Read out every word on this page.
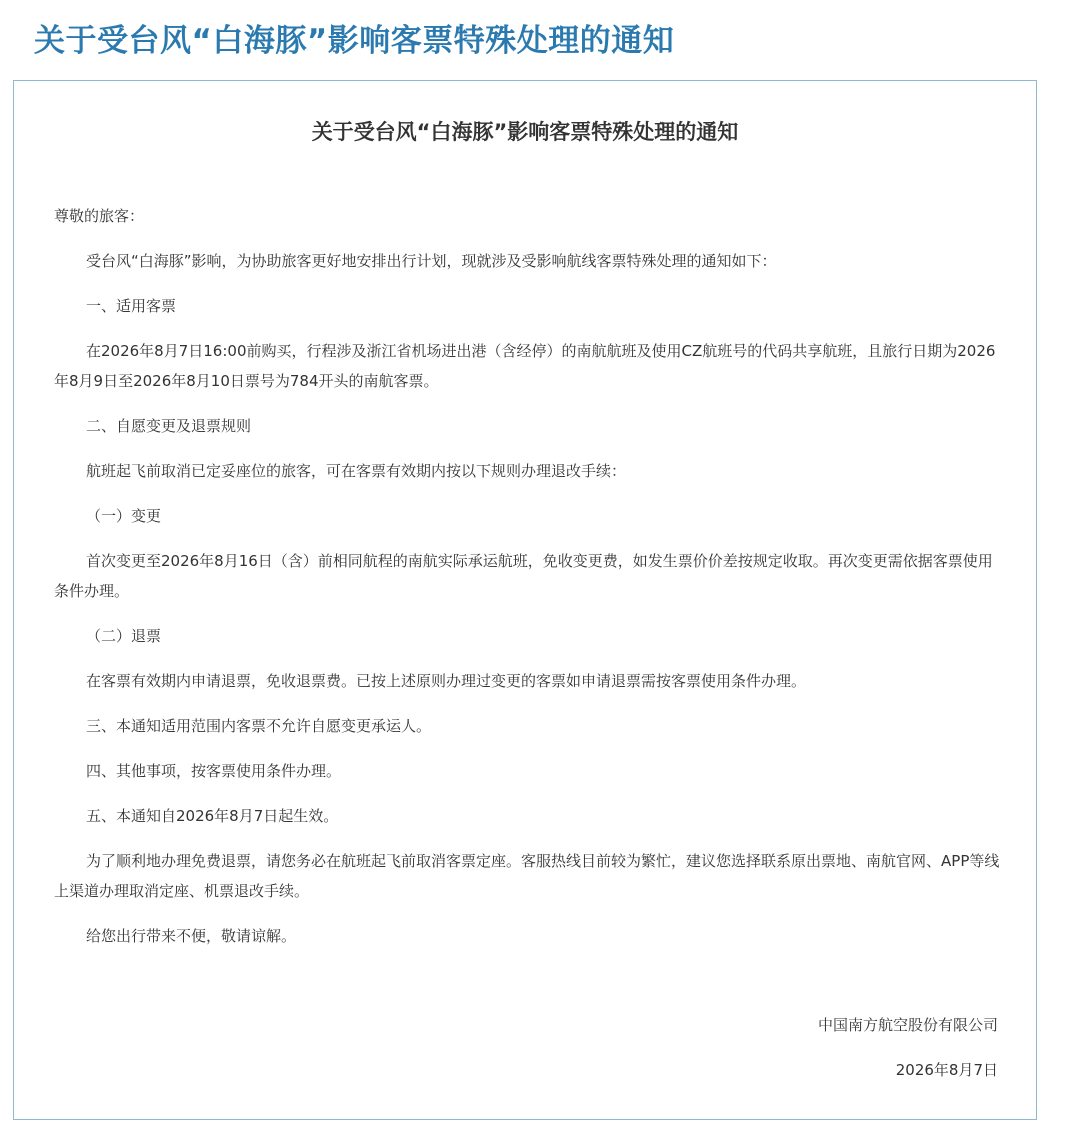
关于受台风“白海豚”影响客票特殊处理的通知
关于受台风“白海豚”影响客票特殊处理的通知

尊敬的旅客：

受台风“白海豚”影响，为协助旅客更好地安排出行计划，现就涉及受影响航线客票特殊处理的通知如下：

一、适用客票

在2026年8月7日16:00前购买，行程涉及浙江省机场进出港（含经停）的南航航班及使用CZ航班号的代码共享航班，且旅行日期为2026年8月9日至2026年8月10日票号为784开头的南航客票。

二、自愿变更及退票规则

航班起飞前取消已定妥座位的旅客，可在客票有效期内按以下规则办理退改手续：

（一）变更

首次变更至2026年8月16日（含）前相同航程的南航实际承运航班，免收变更费，如发生票价价差按规定收取。再次变更需依据客票使用条件办理。

（二）退票

在客票有效期内申请退票，免收退票费。已按上述原则办理过变更的客票如申请退票需按客票使用条件办理。

三、本通知适用范围内客票不允许自愿变更承运人。

四、其他事项，按客票使用条件办理。

五、本通知自2026年8月7日起生效。

为了顺利地办理免费退票，请您务必在航班起飞前取消客票定座。客服热线目前较为繁忙，建议您选择联系原出票地、南航官网、APP等线上渠道办理取消定座、机票退改手续。

给您出行带来不便，敬请谅解。

中国南方航空股份有限公司
2026年8月7日
